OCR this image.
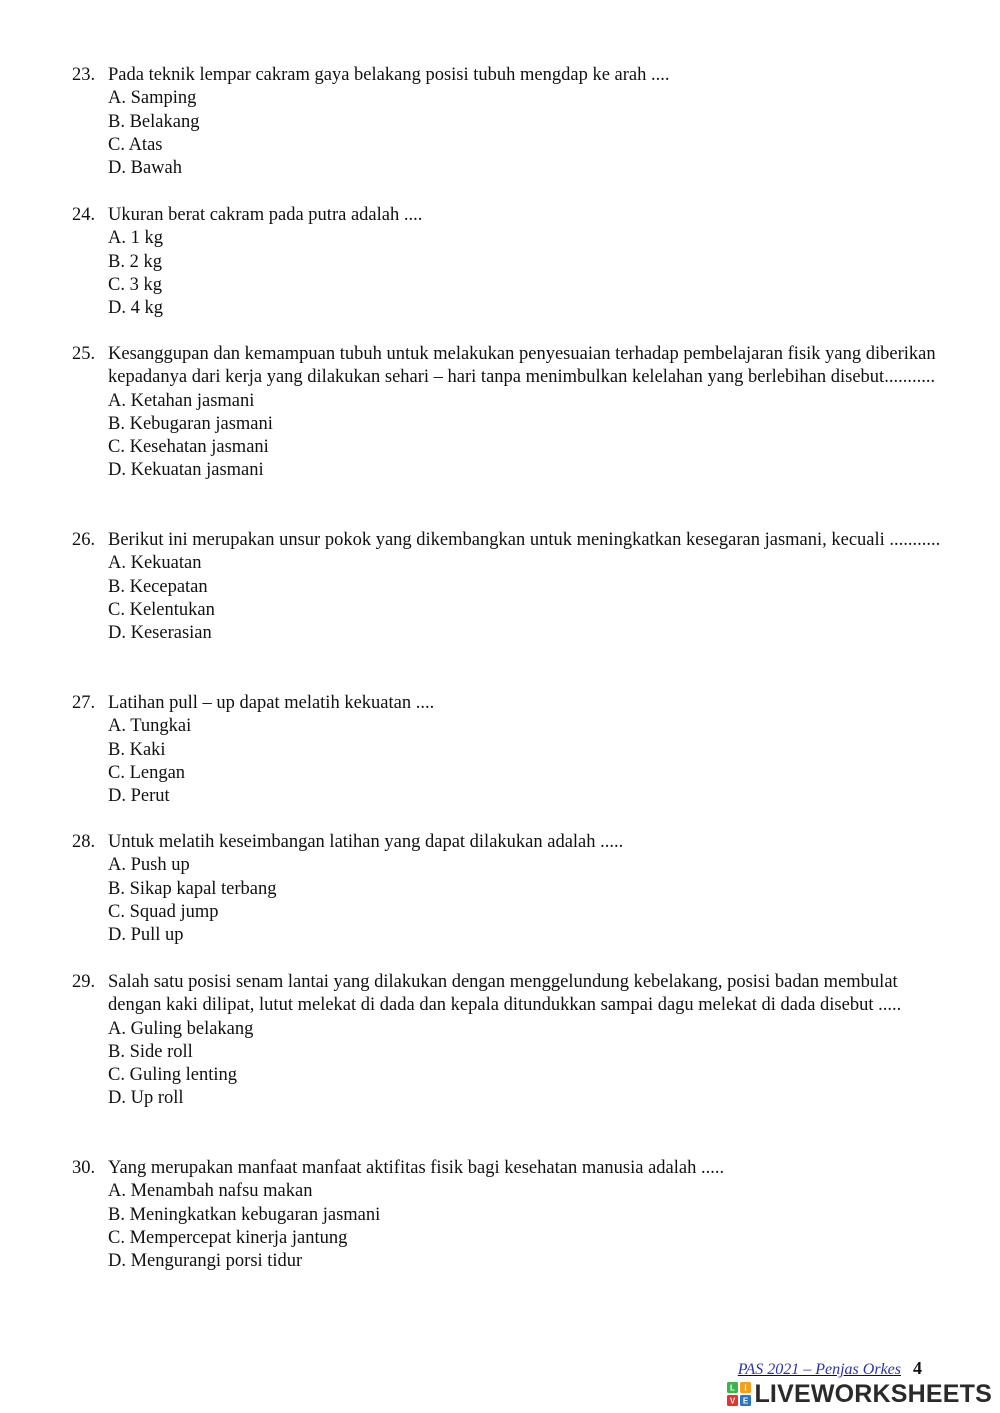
23. Pada teknik lempar cakram gaya belakang posisi tubuh mengdap ke arah ....
A. Samping
B. Belakang
C. Atas
D. Bawah
24. Ukuran berat cakram pada putra adalah ....
A. 1 kg
B. 2 kg
C. 3 kg
D. 4 kg
25. Kesanggupan dan kemampuan tubuh untuk melakukan penyesuaian terhadap pembelajaran fisik yang diberikan kepadanya dari kerja yang dilakukan sehari – hari tanpa menimbulkan kelelahan yang berlebihan disebut...........
A. Ketahan jasmani
B. Kebugaran jasmani
C. Kesehatan jasmani
D. Kekuatan jasmani
26. Berikut ini merupakan unsur pokok yang dikembangkan untuk meningkatkan kesegaran jasmani, kecuali ...........
A. Kekuatan
B. Kecepatan
C. Kelentukan
D. Keserasian
27. Latihan pull – up dapat melatih kekuatan ....
A. Tungkai
B. Kaki
C. Lengan
D. Perut
28. Untuk melatih keseimbangan latihan yang dapat dilakukan adalah .....
A. Push up
B. Sikap kapal terbang
C. Squad jump
D. Pull up
29. Salah satu posisi senam lantai yang dilakukan dengan menggelundung kebelakang, posisi badan membulat dengan kaki dilipat, lutut melekat di dada dan kepala ditundukkan sampai dagu melekat di dada disebut .....
A. Guling belakang
B. Side roll
C. Guling lenting
D. Up roll
30. Yang merupakan manfaat manfaat aktifitas fisik bagi kesehatan manusia adalah .....
A. Menambah nafsu makan
B. Meningkatkan kebugaran jasmani
C. Mempercepat kinerja jantung
D. Mengurangi porsi tidur
PAS 2021 – Penjas Orkes 4
L I
V E LIVEWORKSHEETS
